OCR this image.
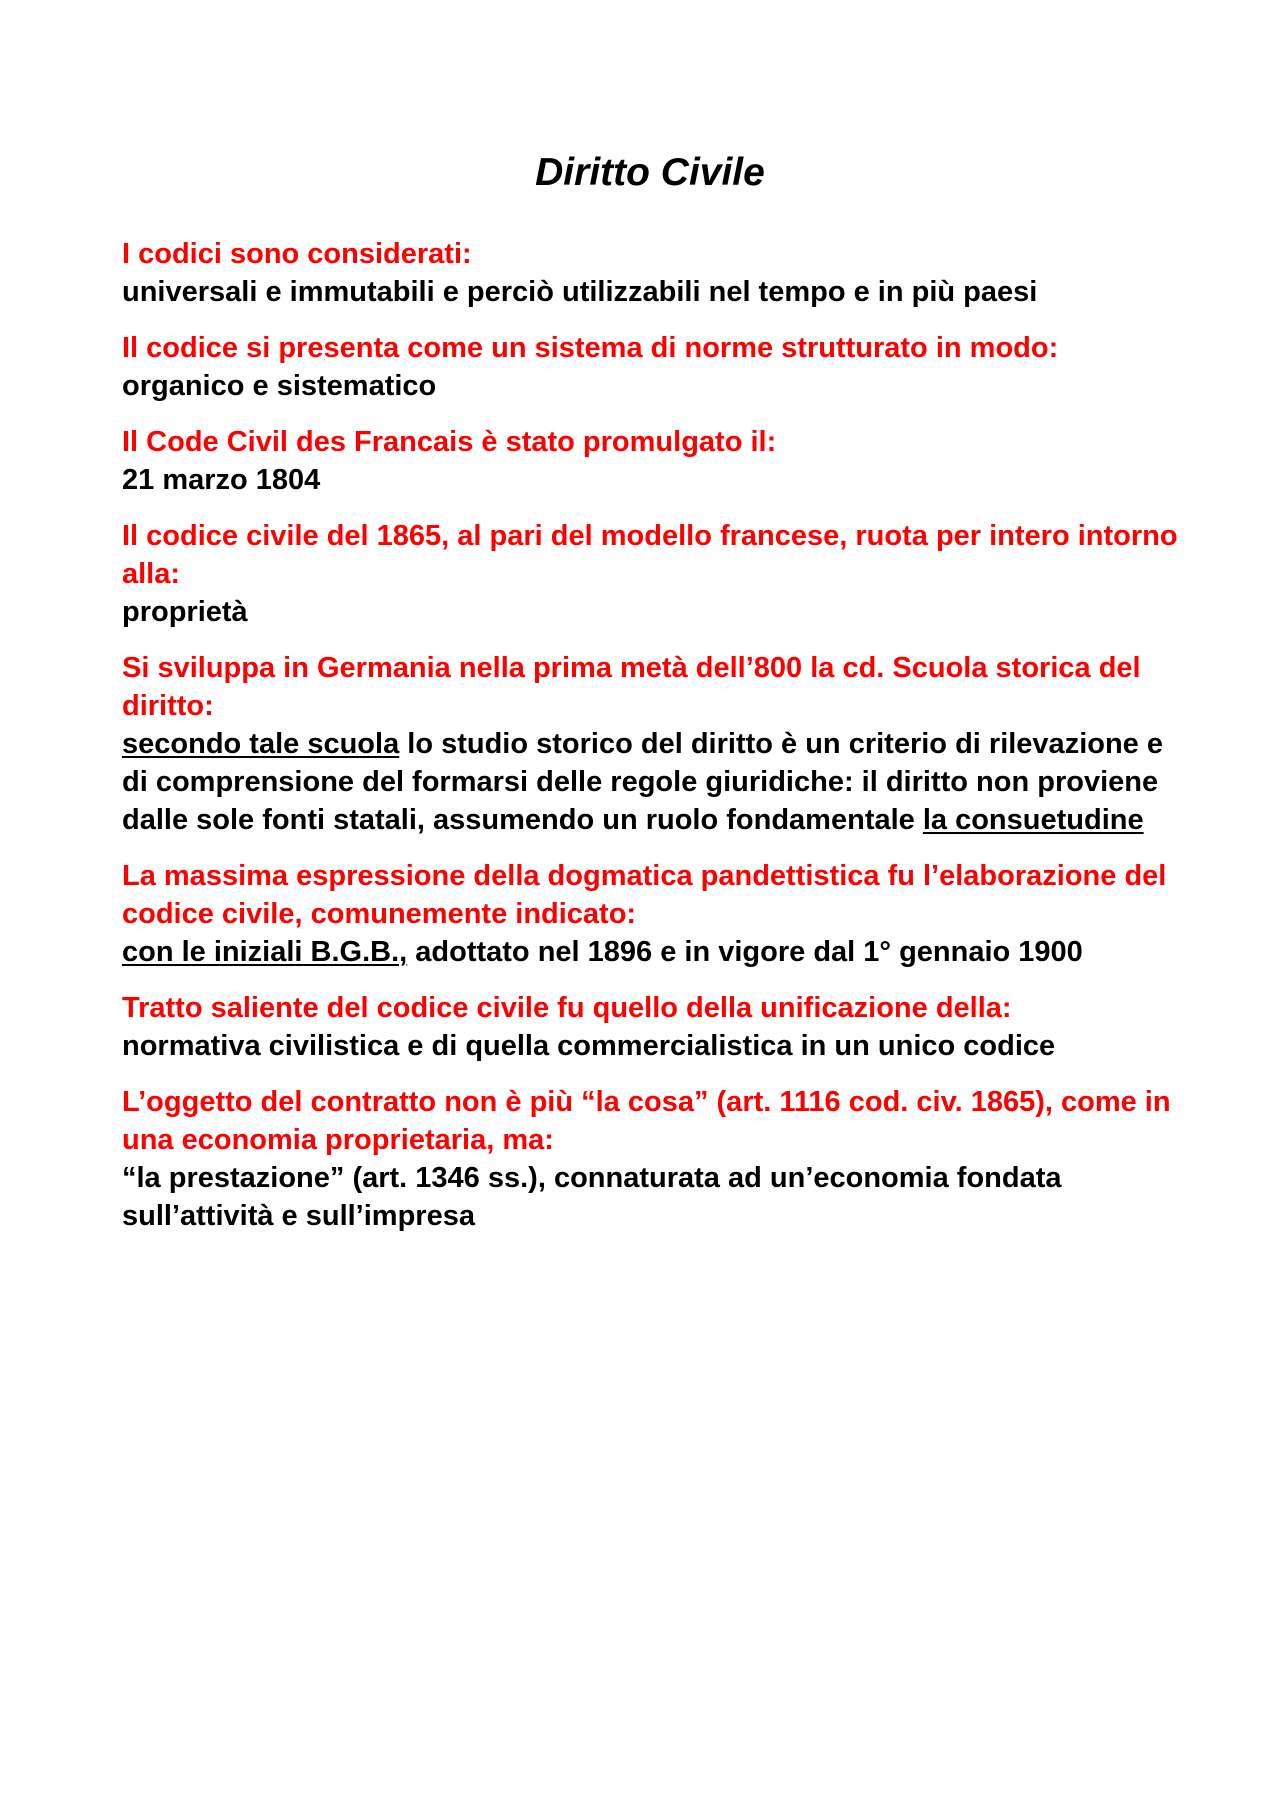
Diritto Civile

I codici sono considerati:

universali e immutabili e perciò utilizzabili nel tempo e in più paesi

Il codice si presenta come un sistema di norme strutturato in modo:

organico e sistematico

Il Code Civil des Francais è stato promulgato il:

21 marzo 1804

Il codice civile del 1865, al pari del modello francese, ruota per intero intorno alla:

proprietà

Si sviluppa in Germania nella prima metà dell’800 la cd. Scuola storica del diritto:

secondo tale scuola lo studio storico del diritto è un criterio di rilevazione e di comprensione del formarsi delle regole giuridiche: il diritto non proviene dalle sole fonti statali, assumendo un ruolo fondamentale la consuetudine

La massima espressione della dogmatica pandettistica fu l’elaborazione del codice civile, comunemente indicato:

con le iniziali B.G.B., adottato nel 1896 e in vigore dal 1° gennaio 1900

Tratto saliente del codice civile fu quello della unificazione della:

normativa civilistica e di quella commercialistica in un unico codice

L’oggetto del contratto non è più “la cosa” (art. 1116 cod. civ. 1865), come in una economia proprietaria, ma:

“la prestazione” (art. 1346 ss.), connaturata ad un’economia fondata sull’attività e sull’impresa
